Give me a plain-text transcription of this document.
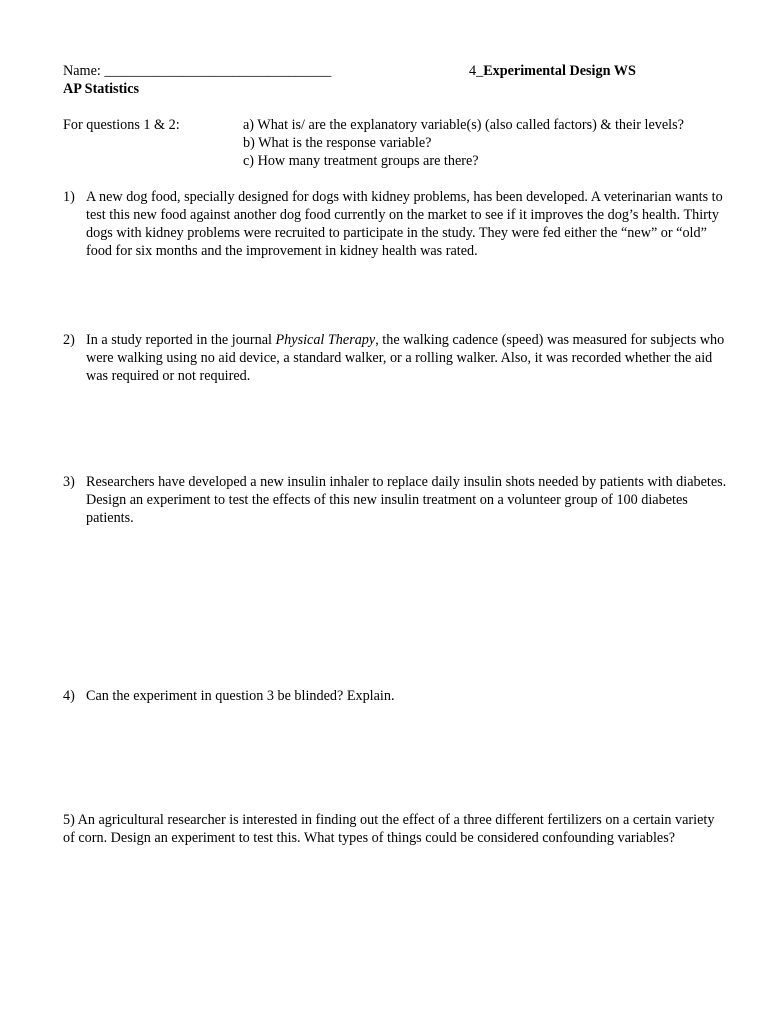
Name: ________________________________	4_Experimental Design WS
AP Statistics
For questions 1 & 2:	a) What is/ are the explanatory variable(s) (also called factors) & their levels?
b) What is the response variable?
c) How many treatment groups are there?
1) A new dog food, specially designed for dogs with kidney problems, has been developed. A veterinarian wants to test this new food against another dog food currently on the market to see if it improves the dog’s health. Thirty dogs with kidney problems were recruited to participate in the study. They were fed either the “new” or “old” food for six months and the improvement in kidney health was rated.
2) In a study reported in the journal Physical Therapy, the walking cadence (speed) was measured for subjects who were walking using no aid device, a standard walker, or a rolling walker. Also, it was recorded whether the aid was required or not required.
3) Researchers have developed a new insulin inhaler to replace daily insulin shots needed by patients with diabetes. Design an experiment to test the effects of this new insulin treatment on a volunteer group of 100 diabetes patients.
4) Can the experiment in question 3 be blinded? Explain.
5) An agricultural researcher is interested in finding out the effect of a three different fertilizers on a certain variety of corn. Design an experiment to test this. What types of things could be considered confounding variables?
